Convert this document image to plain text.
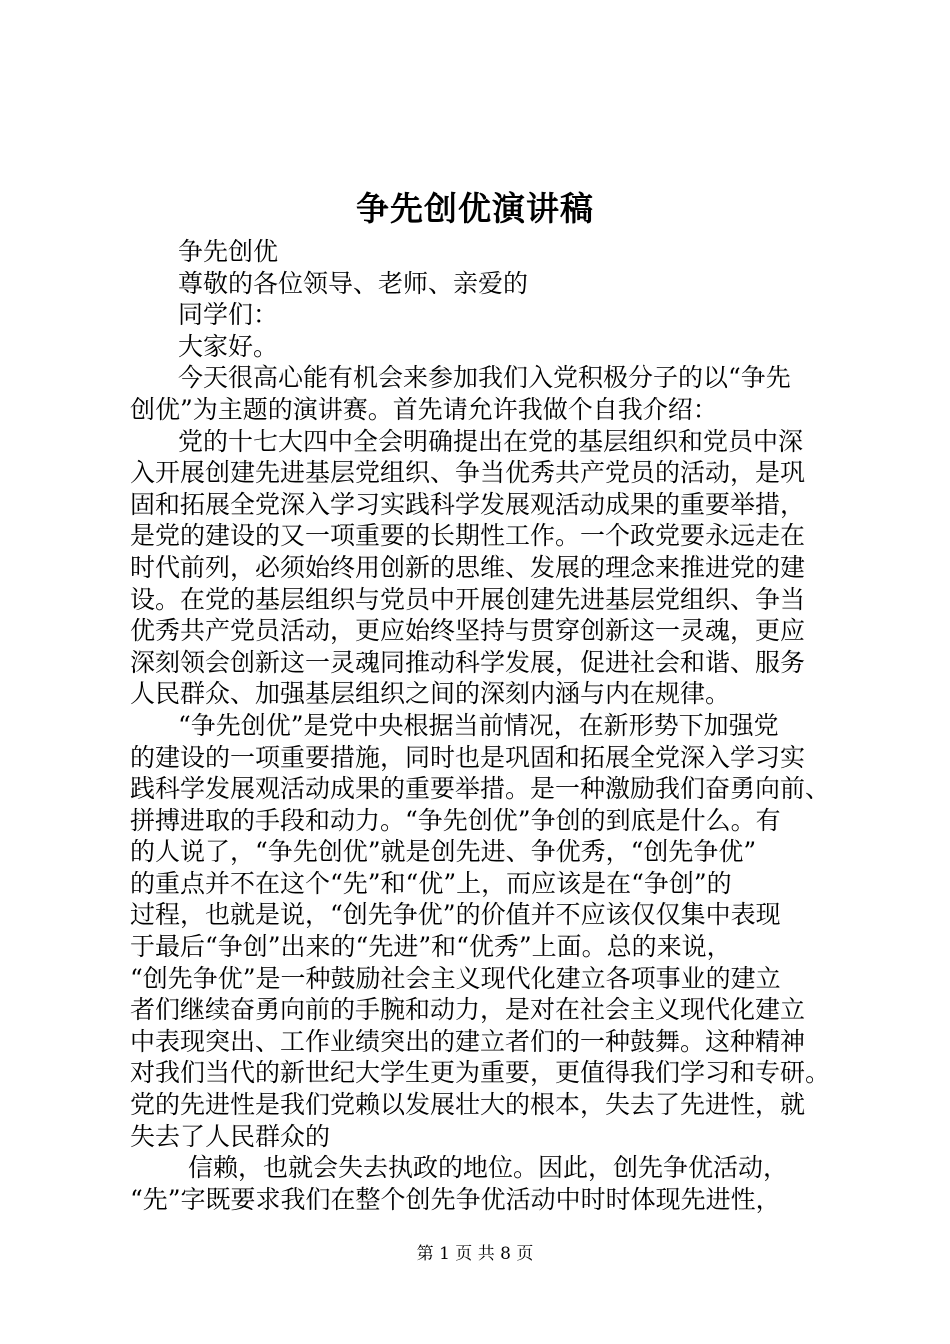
争先创优演讲稿
争先创优
尊敬的各位领导、老师、亲爱的
同学们：
大家好。
今天很高心能有机会来参加我们入党积极分子的以“争先
创优”为主题的演讲赛。首先请允许我做个自我介绍：
党的十七大四中全会明确提出在党的基层组织和党员中深
入开展创建先进基层党组织、争当优秀共产党员的活动，是巩
固和拓展全党深入学习实践科学发展观活动成果的重要举措，
是党的建设的又一项重要的长期性工作。一个政党要永远走在
时代前列，必须始终用创新的思维、发展的理念来推进党的建
设。在党的基层组织与党员中开展创建先进基层党组织、争当
优秀共产党员活动，更应始终坚持与贯穿创新这一灵魂，更应
深刻领会创新这一灵魂同推动科学发展，促进社会和谐、服务
人民群众、加强基层组织之间的深刻内涵与内在规律。
“争先创优”是党中央根据当前情况，在新形势下加强党
的建设的一项重要措施，同时也是巩固和拓展全党深入学习实
践科学发展观活动成果的重要举措。是一种激励我们奋勇向前、
拼搏进取的手段和动力。“争先创优”争创的到底是什么。有
的人说了，“争先创优”就是创先进、争优秀，“创先争优”
的重点并不在这个“先”和“优”上，而应该是在“争创”的
过程，也就是说，“创先争优”的价值并不应该仅仅集中表现
于最后“争创”出来的“先进”和“优秀”上面。总的来说，
“创先争优”是一种鼓励社会主义现代化建立各项事业的建立
者们继续奋勇向前的手腕和动力，是对在社会主义现代化建立
中表现突出、工作业绩突出的建立者们的一种鼓舞。这种精神
对我们当代的新世纪大学生更为重要，更值得我们学习和专研。
党的先进性是我们党赖以发展壮大的根本，失去了先进性，就
失去了人民群众的
信赖，也就会失去执政的地位。因此，创先争优活动，
“先”字既要求我们在整个创先争优活动中时时体现先进性，
第 1 页 共 8 页
